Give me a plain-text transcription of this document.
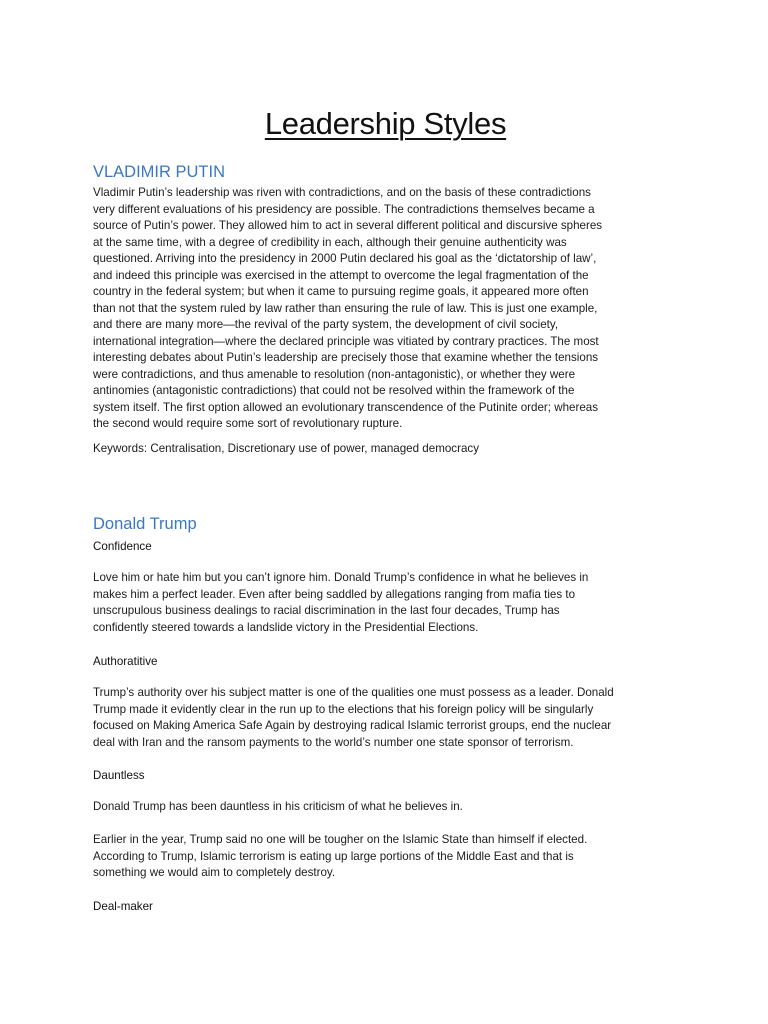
Leadership Styles
VLADIMIR PUTIN

Vladimir Putin’s leadership was riven with contradictions, and on the basis of these contradictions
very different evaluations of his presidency are possible. The contradictions themselves became a
source of Putin’s power. They allowed him to act in several different political and discursive spheres
at the same time, with a degree of credibility in each, although their genuine authenticity was
questioned. Arriving into the presidency in 2000 Putin declared his goal as the ‘dictatorship of law’,
and indeed this principle was exercised in the attempt to overcome the legal fragmentation of the
country in the federal system; but when it came to pursuing regime goals, it appeared more often
than not that the system ruled by law rather than ensuring the rule of law. This is just one example,
and there are many more—the revival of the party system, the development of civil society,
international integration—where the declared principle was vitiated by contrary practices. The most
interesting debates about Putin’s leadership are precisely those that examine whether the tensions
were contradictions, and thus amenable to resolution (non-antagonistic), or whether they were
antinomies (antagonistic contradictions) that could not be resolved within the framework of the
system itself. The first option allowed an evolutionary transcendence of the Putinite order; whereas
the second would require some sort of revolutionary rupture.

Keywords: Centralisation, Discretionary use of power, managed democracy

Donald Trump

Confidence

Love him or hate him but you can’t ignore him. Donald Trump’s confidence in what he believes in
makes him a perfect leader. Even after being saddled by allegations ranging from mafia ties to
unscrupulous business dealings to racial discrimination in the last four decades, Trump has
confidently steered towards a landslide victory in the Presidential Elections.

Authoratitive

Trump’s authority over his subject matter is one of the qualities one must possess as a leader. Donald
Trump made it evidently clear in the run up to the elections that his foreign policy will be singularly
focused on Making America Safe Again by destroying radical Islamic terrorist groups, end the nuclear
deal with Iran and the ransom payments to the world’s number one state sponsor of terrorism.

Dauntless

Donald Trump has been dauntless in his criticism of what he believes in.

Earlier in the year, Trump said no one will be tougher on the Islamic State than himself if elected.
According to Trump, Islamic terrorism is eating up large portions of the Middle East and that is
something we would aim to completely destroy.

Deal-maker
